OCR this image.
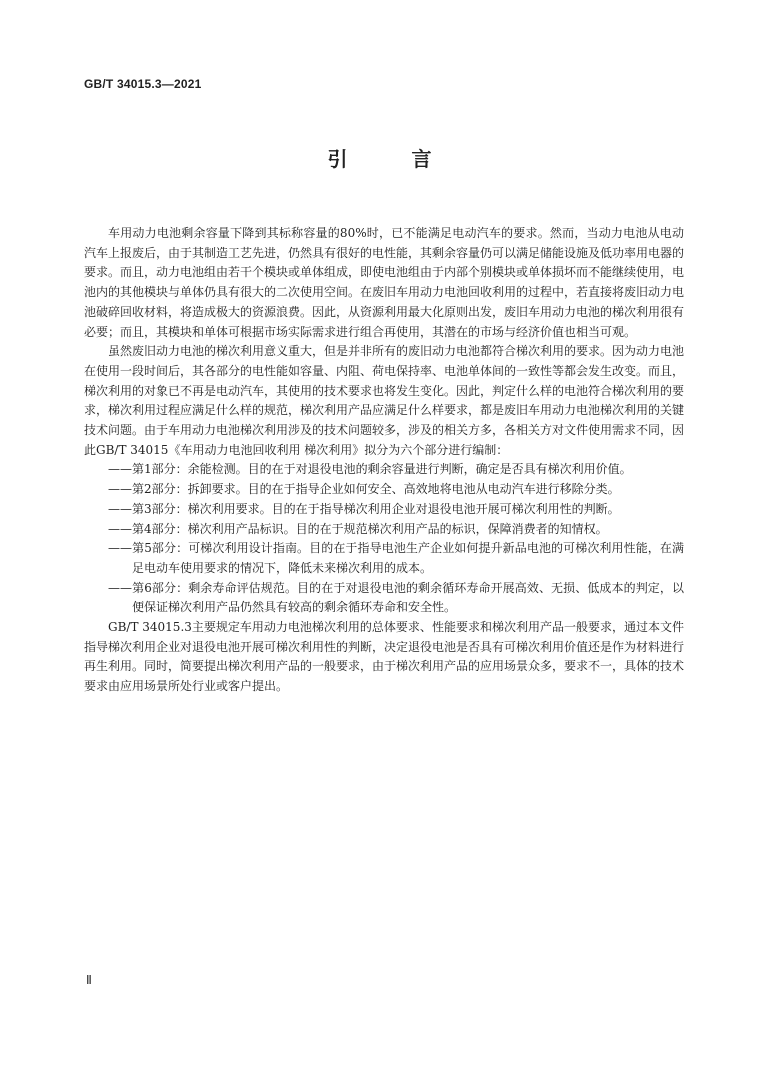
GB/T 34015.3—2021
引　言

车用动力电池剩余容量下降到其标称容量的80%时，已不能满足电动汽车的要求。然而，当动力电池从电动汽车上报废后，由于其制造工艺先进，仍然具有很好的电性能，其剩余容量仍可以满足储能设施及低功率用电器的要求。而且，动力电池组由若干个模块或单体组成，即使电池组由于内部个别模块或单体损坏而不能继续使用，电池内的其他模块与单体仍具有很大的二次使用空间。在废旧车用动力电池回收利用的过程中，若直接将废旧动力电池破碎回收材料，将造成极大的资源浪费。因此，从资源利用最大化原则出发，废旧车用动力电池的梯次利用很有必要；而且，其模块和单体可根据市场实际需求进行组合再使用，其潜在的市场与经济价值也相当可观。

虽然废旧动力电池的梯次利用意义重大，但是并非所有的废旧动力电池都符合梯次利用的要求。因为动力电池在使用一段时间后，其各部分的电性能如容量、内阻、荷电保持率、电池单体间的一致性等都会发生改变。而且，梯次利用的对象已不再是电动汽车，其使用的技术要求也将发生变化。因此，判定什么样的电池符合梯次利用的要求，梯次利用过程应满足什么样的规范，梯次利用产品应满足什么样要求，都是废旧车用动力电池梯次利用的关键技术问题。由于车用动力电池梯次利用涉及的技术问题较多，涉及的相关方多，各相关方对文件使用需求不同，因此GB/T 34015《车用动力电池回收利用 梯次利用》拟分为六个部分进行编制：

——第1部分：余能检测。目的在于对退役电池的剩余容量进行判断，确定是否具有梯次利用价值。
——第2部分：拆卸要求。目的在于指导企业如何安全、高效地将电池从电动汽车进行移除分类。
——第3部分：梯次利用要求。目的在于指导梯次利用企业对退役电池开展可梯次利用性的判断。
——第4部分：梯次利用产品标识。目的在于规范梯次利用产品的标识，保障消费者的知情权。
——第5部分：可梯次利用设计指南。目的在于指导电池生产企业如何提升新品电池的可梯次利用性能，在满足电动车使用要求的情况下，降低未来梯次利用的成本。
——第6部分：剩余寿命评估规范。目的在于对退役电池的剩余循环寿命开展高效、无损、低成本的判定，以便保证梯次利用产品仍然具有较高的剩余循环寿命和安全性。

GB/T 34015.3主要规定车用动力电池梯次利用的总体要求、性能要求和梯次利用产品一般要求，通过本文件指导梯次利用企业对退役电池开展可梯次利用性的判断，决定退役电池是否具有可梯次利用价值还是作为材料进行再生利用。同时，简要提出梯次利用产品的一般要求，由于梯次利用产品的应用场景众多，要求不一，具体的技术要求由应用场景所处行业或客户提出。

Ⅱ
